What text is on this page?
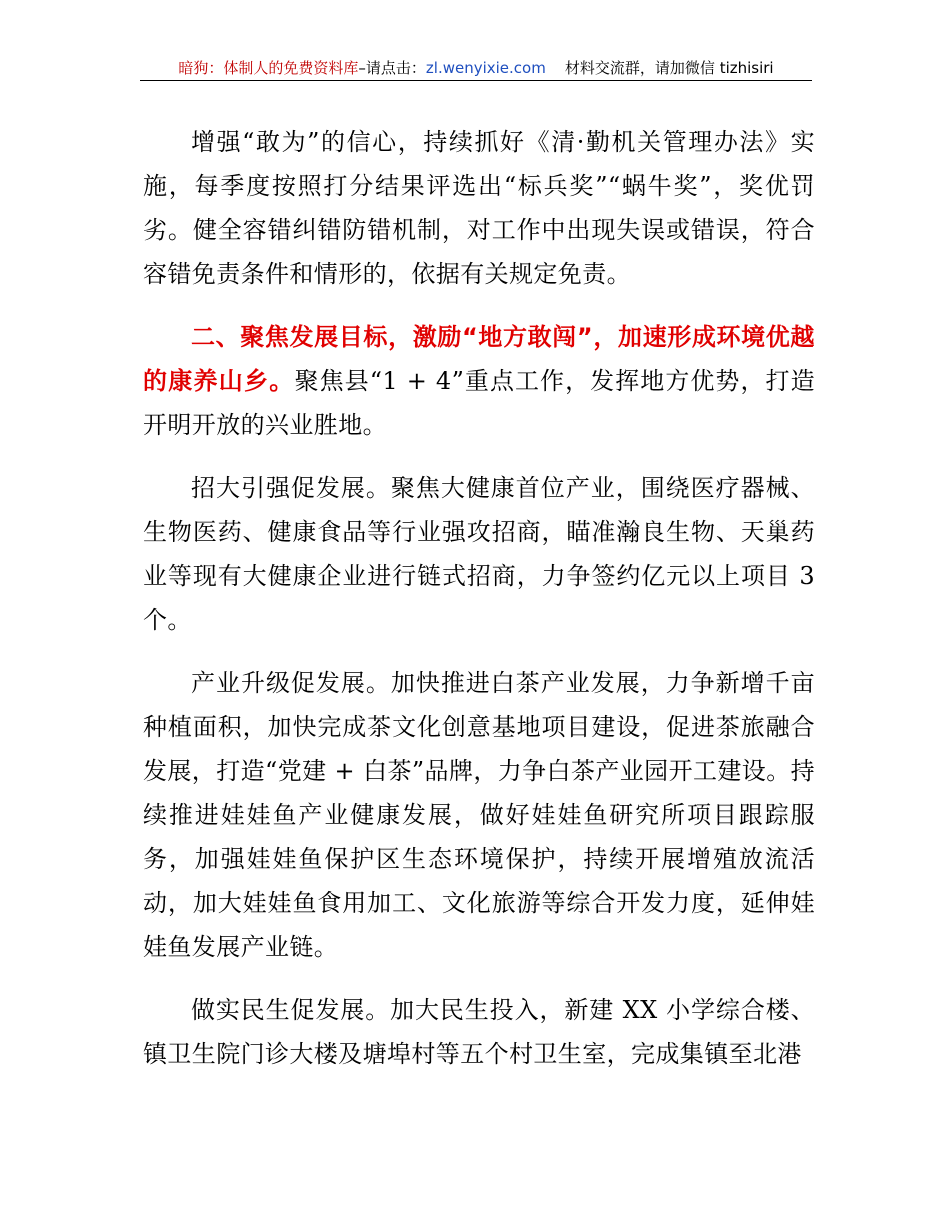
暗狗：体制人的免费资料库–请点击：zl.wenyixie.com 材料交流群，请加微信 tizhisiri

增强“敢为”的信心，持续抓好《清·勤机关管理办法》实施，每季度按照打分结果评选出“标兵奖”“蜗牛奖”，奖优罚劣。健全容错纠错防错机制，对工作中出现失误或错误，符合容错免责条件和情形的，依据有关规定免责。

二、聚焦发展目标，激励“地方敢闯”，加速形成环境优越的康养山乡。聚焦县“1 + 4”重点工作，发挥地方优势，打造开明开放的兴业胜地。

招大引强促发展。聚焦大健康首位产业，围绕医疗器械、生物医药、健康食品等行业强攻招商，瞄准瀚良生物、天巢药业等现有大健康企业进行链式招商，力争签约亿元以上项目 3 个。

产业升级促发展。加快推进白茶产业发展，力争新增千亩种植面积，加快完成茶文化创意基地项目建设，促进茶旅融合发展，打造“党建 + 白茶”品牌，力争白茶产业园开工建设。持续推进娃娃鱼产业健康发展，做好娃娃鱼研究所项目跟踪服务，加强娃娃鱼保护区生态环境保护，持续开展增殖放流活动，加大娃娃鱼食用加工、文化旅游等综合开发力度，延伸娃娃鱼发展产业链。

做实民生促发展。加大民生投入，新建 XX 小学综合楼、镇卫生院门诊大楼及塘埠村等五个村卫生室，完成集镇至北港
